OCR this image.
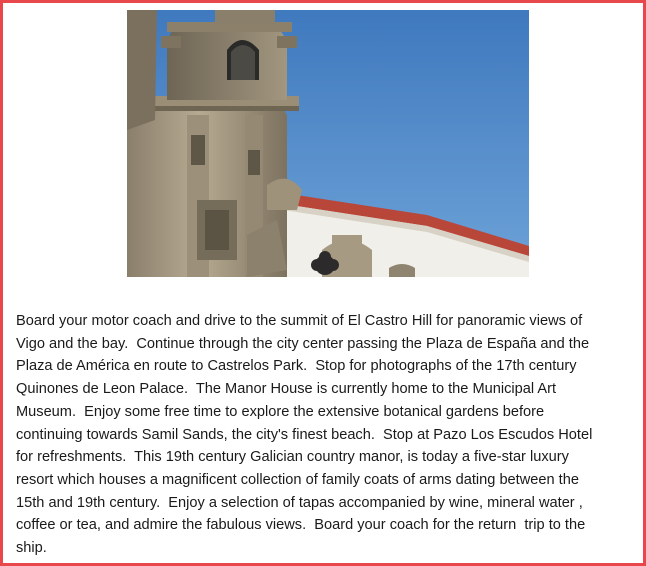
Board your motor coach and drive to the summit of El Castro Hill for panoramic views of
Vigo and the bay.  Continue through the city center passing the Plaza de España and the
Plaza de América en route to Castrelos Park.  Stop for photographs of the 17th century
Quinones de Leon Palace.  The Manor House is currently home to the Municipal Art
Museum.  Enjoy some free time to explore the extensive botanical gardens before
continuing towards Samil Sands, the city's finest beach.  Stop at Pazo Los Escudos Hotel
for refreshments.  This 19th century Galician country manor, is today a five-star luxury
resort which houses a magnificent collection of family coats of arms dating between the
15th and 19th century.  Enjoy a selection of tapas accompanied by wine, mineral water ,
coffee or tea, and admire the fabulous views.  Board your coach for the return  trip to the
ship.
